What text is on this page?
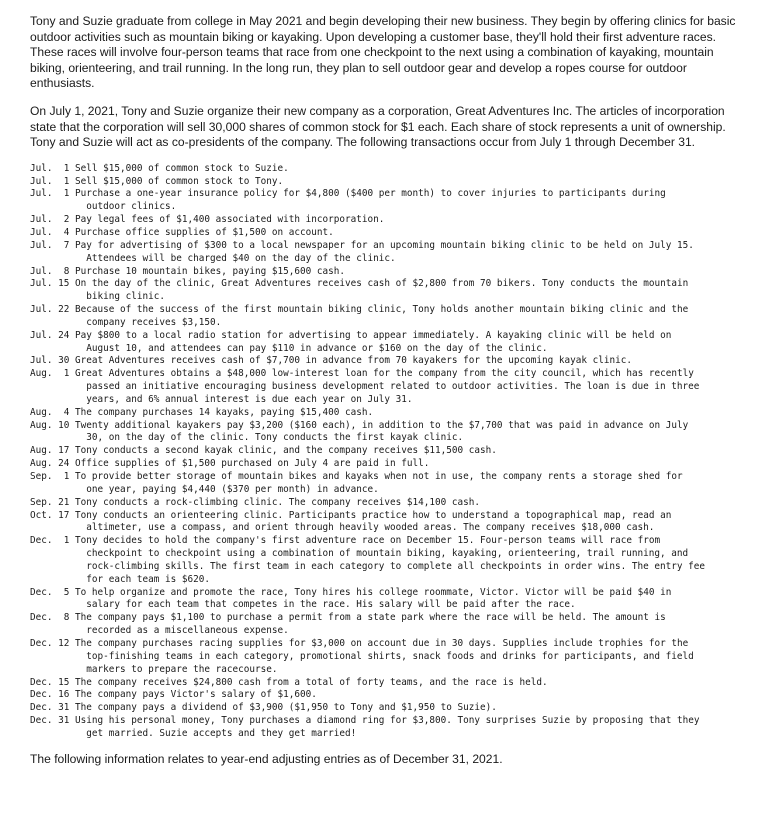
Tony and Suzie graduate from college in May 2021 and begin developing their new business. They begin by offering clinics for basic outdoor activities such as mountain biking or kayaking. Upon developing a customer base, they'll hold their first adventure races. These races will involve four-person teams that race from one checkpoint to the next using a combination of kayaking, mountain biking, orienteering, and trail running. In the long run, they plan to sell outdoor gear and develop a ropes course for outdoor enthusiasts.

On July 1, 2021, Tony and Suzie organize their new company as a corporation, Great Adventures Inc. The articles of incorporation state that the corporation will sell 30,000 shares of common stock for $1 each. Each share of stock represents a unit of ownership. Tony and Suzie will act as co-presidents of the company. The following transactions occur from July 1 through December 31.

Jul.  1 Sell $15,000 of common stock to Suzie.
Jul.  1 Sell $15,000 of common stock to Tony.
Jul.  1 Purchase a one-year insurance policy for $4,800 ($400 per month) to cover injuries to participants during
outdoor clinics.
Jul.  2 Pay legal fees of $1,400 associated with incorporation.
Jul.  4 Purchase office supplies of $1,500 on account.
Jul.  7 Pay for advertising of $300 to a local newspaper for an upcoming mountain biking clinic to be held on July 15.
Attendees will be charged $40 on the day of the clinic.
Jul.  8 Purchase 10 mountain bikes, paying $15,600 cash.
Jul. 15 On the day of the clinic, Great Adventures receives cash of $2,800 from 70 bikers. Tony conducts the mountain
biking clinic.
Jul. 22 Because of the success of the first mountain biking clinic, Tony holds another mountain biking clinic and the
company receives $3,150.
Jul. 24 Pay $800 to a local radio station for advertising to appear immediately. A kayaking clinic will be held on
August 10, and attendees can pay $110 in advance or $160 on the day of the clinic.
Jul. 30 Great Adventures receives cash of $7,700 in advance from 70 kayakers for the upcoming kayak clinic.
Aug.  1 Great Adventures obtains a $48,000 low-interest loan for the company from the city council, which has recently
passed an initiative encouraging business development related to outdoor activities. The loan is due in three
years, and 6% annual interest is due each year on July 31.
Aug.  4 The company purchases 14 kayaks, paying $15,400 cash.
Aug. 10 Twenty additional kayakers pay $3,200 ($160 each), in addition to the $7,700 that was paid in advance on July
30, on the day of the clinic. Tony conducts the first kayak clinic.
Aug. 17 Tony conducts a second kayak clinic, and the company receives $11,500 cash.
Aug. 24 Office supplies of $1,500 purchased on July 4 are paid in full.
Sep.  1 To provide better storage of mountain bikes and kayaks when not in use, the company rents a storage shed for
one year, paying $4,440 ($370 per month) in advance.
Sep. 21 Tony conducts a rock-climbing clinic. The company receives $14,100 cash.
Oct. 17 Tony conducts an orienteering clinic. Participants practice how to understand a topographical map, read an
altimeter, use a compass, and orient through heavily wooded areas. The company receives $18,000 cash.
Dec.  1 Tony decides to hold the company's first adventure race on December 15. Four-person teams will race from
checkpoint to checkpoint using a combination of mountain biking, kayaking, orienteering, trail running, and
rock-climbing skills. The first team in each category to complete all checkpoints in order wins. The entry fee
for each team is $620.
Dec.  5 To help organize and promote the race, Tony hires his college roommate, Victor. Victor will be paid $40 in
salary for each team that competes in the race. His salary will be paid after the race.
Dec.  8 The company pays $1,100 to purchase a permit from a state park where the race will be held. The amount is
recorded as a miscellaneous expense.
Dec. 12 The company purchases racing supplies for $3,000 on account due in 30 days. Supplies include trophies for the
top-finishing teams in each category, promotional shirts, snack foods and drinks for participants, and field
markers to prepare the racecourse.
Dec. 15 The company receives $24,800 cash from a total of forty teams, and the race is held.
Dec. 16 The company pays Victor's salary of $1,600.
Dec. 31 The company pays a dividend of $3,900 ($1,950 to Tony and $1,950 to Suzie).
Dec. 31 Using his personal money, Tony purchases a diamond ring for $3,800. Tony surprises Suzie by proposing that they
get married. Suzie accepts and they get married!

The following information relates to year-end adjusting entries as of December 31, 2021.
